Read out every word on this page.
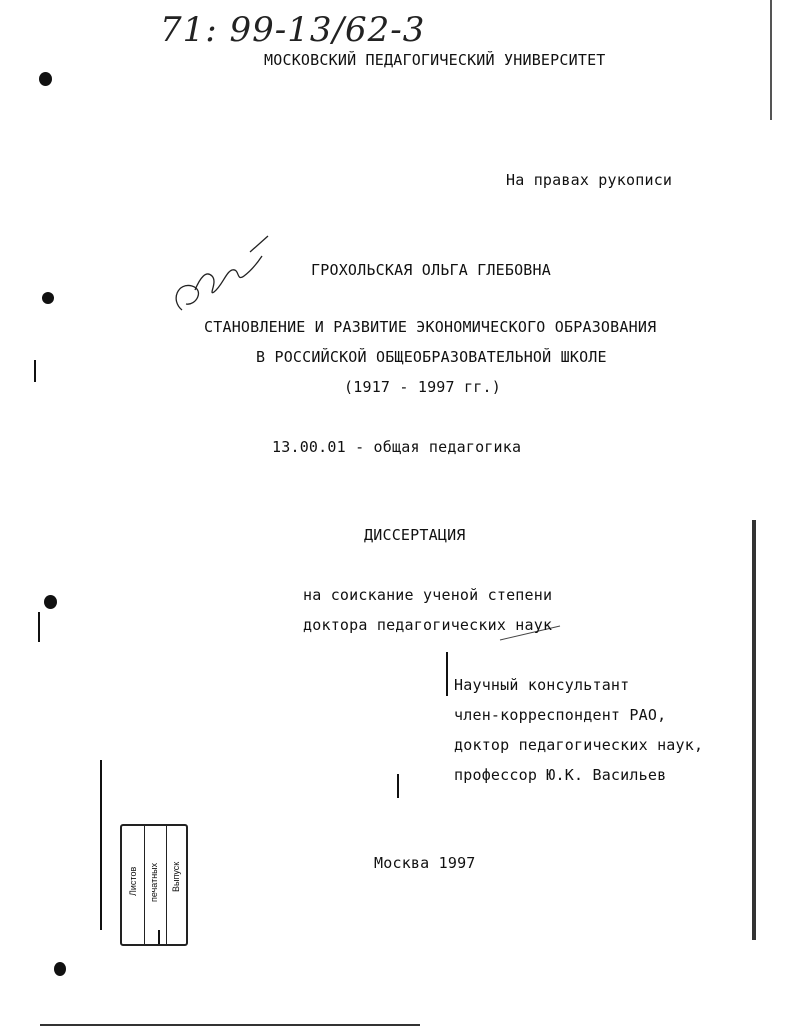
71: 99-13/62-3
МОСКОВСКИЙ ПЕДАГОГИЧЕСКИЙ УНИВЕРСИТЕТ
На правах рукописи
ГРОХОЛЬСКАЯ ОЛЬГА ГЛЕБОВНА
СТАНОВЛЕНИЕ И РАЗВИТИЕ ЭКОНОМИЧЕСКОГО ОБРАЗОВАНИЯ
В РОССИЙСКОЙ ОБЩЕОБРАЗОВАТЕЛЬНОЙ ШКОЛЕ
(1917 - 1997 гг.)
13.00.01 - общая педагогика
ДИССЕРТАЦИЯ
на соискание ученой степени
доктора педагогических наук
Научный консультант
член-корреспондент РАО,
доктор педагогических наук,
профессор Ю.К. Васильев
Москва 1997
Листов печатных Выпуск
